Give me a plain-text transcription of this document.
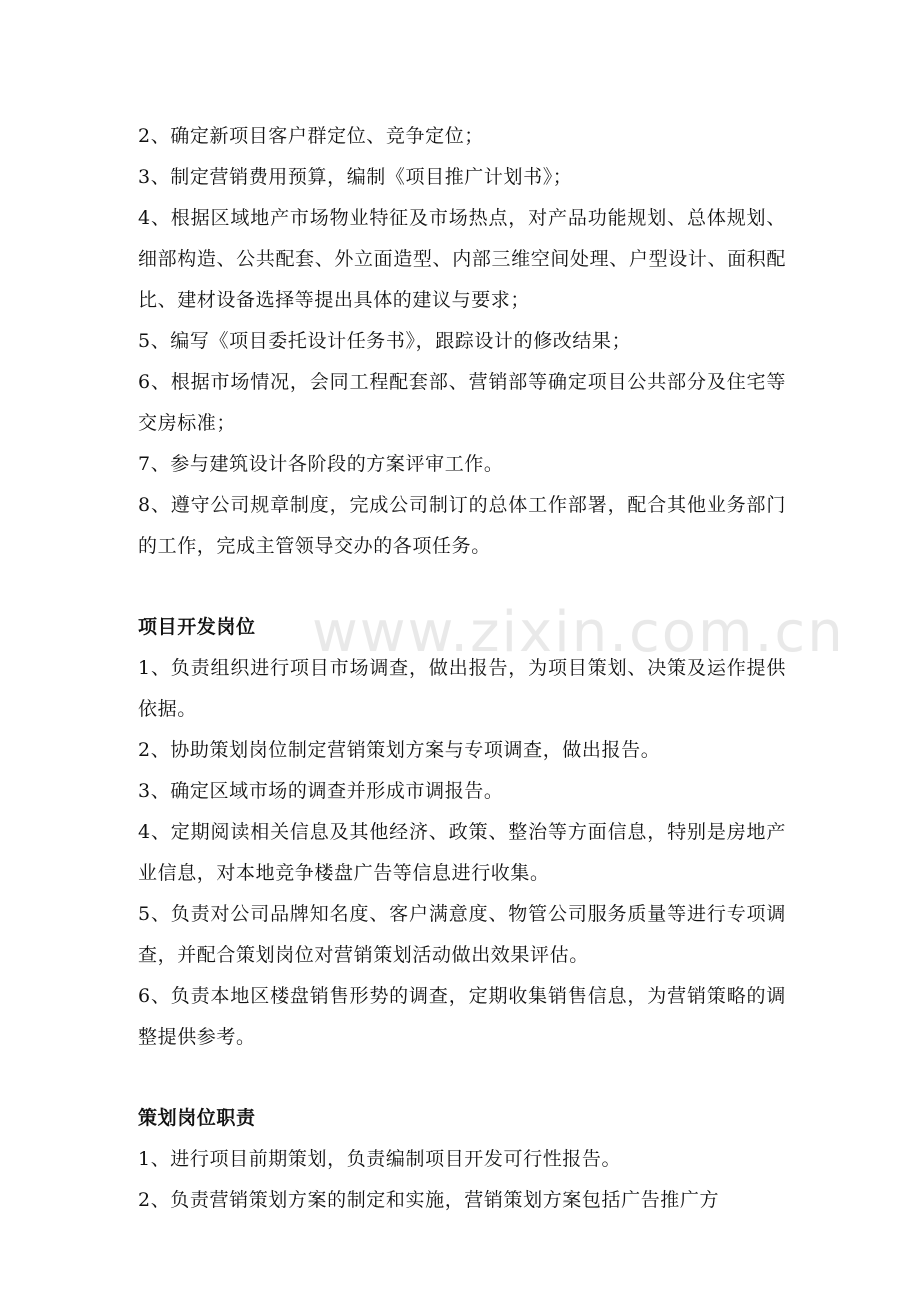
2、确定新项目客户群定位、竞争定位；

3、制定营销费用预算，编制《项目推广计划书》；

4、根据区域地产市场物业特征及市场热点，对产品功能规划、总体规划、细部构造、公共配套、外立面造型、内部三维空间处理、户型设计、面积配比、建材设备选择等提出具体的建议与要求；

5、编写《项目委托设计任务书》，跟踪设计的修改结果；

6、根据市场情况，会同工程配套部、营销部等确定项目公共部分及住宅等交房标准；

7、参与建筑设计各阶段的方案评审工作。

8、遵守公司规章制度，完成公司制订的总体工作部署，配合其他业务部门的工作，完成主管领导交办的各项任务。

项目开发岗位

1、负责组织进行项目市场调查，做出报告，为项目策划、决策及运作提供依据。

2、协助策划岗位制定营销策划方案与专项调查，做出报告。

3、确定区域市场的调查并形成市调报告。

4、定期阅读相关信息及其他经济、政策、整治等方面信息，特别是房地产业信息，对本地竞争楼盘广告等信息进行收集。

5、负责对公司品牌知名度、客户满意度、物管公司服务质量等进行专项调查，并配合策划岗位对营销策划活动做出效果评估。

6、负责本地区楼盘销售形势的调查，定期收集销售信息，为营销策略的调整提供参考。

策划岗位职责

1、进行项目前期策划，负责编制项目开发可行性报告。

2、负责营销策划方案的制定和实施，营销策划方案包括广告推广方

www.zixin.com.cn
